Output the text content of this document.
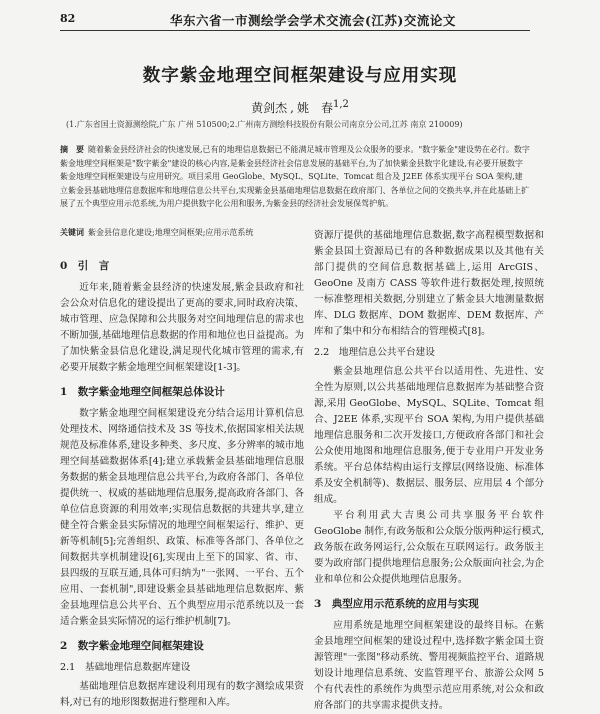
82	华东六省一市测绘学会学术交流会(江苏)交流论文
数字紫金地理空间框架建设与应用实现
黄剑杰 , 姚　春$^{1,2}$
(1.广东省国土资源测绘院,广东 广州 510500;2.广州南方测绘科技股份有限公司南京分公司,江苏 南京 210009)
摘　要 随着紫金县经济社会的快速发展,已有的地理信息数据已不能满足城市管理及公众服务的要求。"数字紫金"建设势在必行。数字紫金地理空间框架是"数字紫金"建设的核心内容,是紫金县经济社会信息发展的基础平台,为了加快紫金县数字化建设,有必要开展数字紫金地理空间框架建设与应用研究。项目采用 GeoGlobe、MySQL、SQLite、Tomcat 组合及 J2EE 体系实现平台 SOA 架构,建立紫金县基础地理信息数据库和地理信息公共平台,实现紫金县基础地理信息数据在政府部门、各单位之间的交换共享,并在此基础上扩展了五个典型应用示范系统,为用户提供数字化公用和服务,为紫金县的经济社会发展保驾护航。
关键词 紫金县信息化建设;地理空间框架;应用示范系统
0　引　言

近年来,随着紫金县经济的快速发展,紫金县政府和社会公众对信息化的建设提出了更高的要求,同时政府决策、城市管理、应急保障和公共服务对空间地理信息的需求也不断加强,基础地理信息数据的作用和地位也日益提高。为了加快紫金县信息化建设,满足现代化城市管理的需求,有必要开展数字紫金地理空间框架建设[1-3]。

1　数字紫金地理空间框架总体设计

数字紫金地理空间框架建设充分结合运用计算机信息处理技术、网络通信技术及 3S 等技术,依据国家相关法规规范及标准体系,建设多种类、多尺度、多分辨率的城市地理空间基础数据体系[4];建立承载紫金县基础地理信息服务数据的紫金县地理信息公共平台,为政府各部门、各单位提供统一、权威的基础地理信息服务,提高政府各部门、各单位信息资源的利用效率;实现信息数据的共建共享,建立健全符合紫金县实际情况的地理空间框架运行、维护、更新等机制[5];完善组织、政策、标准等各部门、各单位之间数据共享机制建设[6],实现由上至下的国家、省、市、县四级的互联互通,具体可归纳为"一张网、一平台、五个应用、一套机制",即建设紫金县基础地理信息数据库、紫金县地理信息公共平台、五个典型应用示范系统以及一套适合紫金县实际情况的运行维护机制[7]。

2　数字紫金地理空间框架建设
2.1　基础地理信息数据库建设

基础地理信息数据库建设利用现有的数字测绘成果资料,对已有的地形图数据进行整理和入库。

资源厅提供的基础地理信息数据,数字高程模型数据和紫金县国土资源局已有的各种数据成果以及其他有关部门提供的空间信息数据基础上,运用 ArcGIS、GeoOne 及南方 CASS 等软件进行数据处理,按照统一标准整理相关数据,分别建立了紫金县大地测量数据库、DLG 数据库、DOM 数据库、DEM 数据库、产库和了集中和分布相结合的管理模式[8]。

2.2　地理信息公共平台建设

紫金县地理信息公共平台以适用性、先进性、安全性为原则,以公共基础地理信息数据库为基础整合资源,采用 GeoGlobe、MySQL、SQLite、Tomcat 组合、J2EE 体系,实现平台 SOA 架构,为用户提供基础地理信息服务和二次开发接口,方便政府各部门和社会公众使用地图和地理信息服务,便于专业用户开发业务系统。平台总体结构由运行支撑层(网络设施、标准体系及安全机制等)、数据层、服务层、应用层 4 个部分组成。

平台利用武大吉奥公司共享服务平台软件 GeoGlobe 制作,有政务版和公众版分版两种运行模式,政务版在政务网运行,公众版在互联网运行。政务版主要为政府部门提供地理信息服务;公众版面向社会,为企业和单位和公众提供地理信息服务。

3　典型应用示范系统的应用与实现

应用系统是地理空间框架建设的最终目标。在紫金县地理空间框架的建设过程中,选择数字紫金国土资源管理"一张图"移动系统、警用视频监控平台、道路规划设计地理信息系统、安监管理平台、旅游公众网 5 个有代表性的系统作为典型示范应用系统,对公众和政府各部门的共享需求提供支持。
